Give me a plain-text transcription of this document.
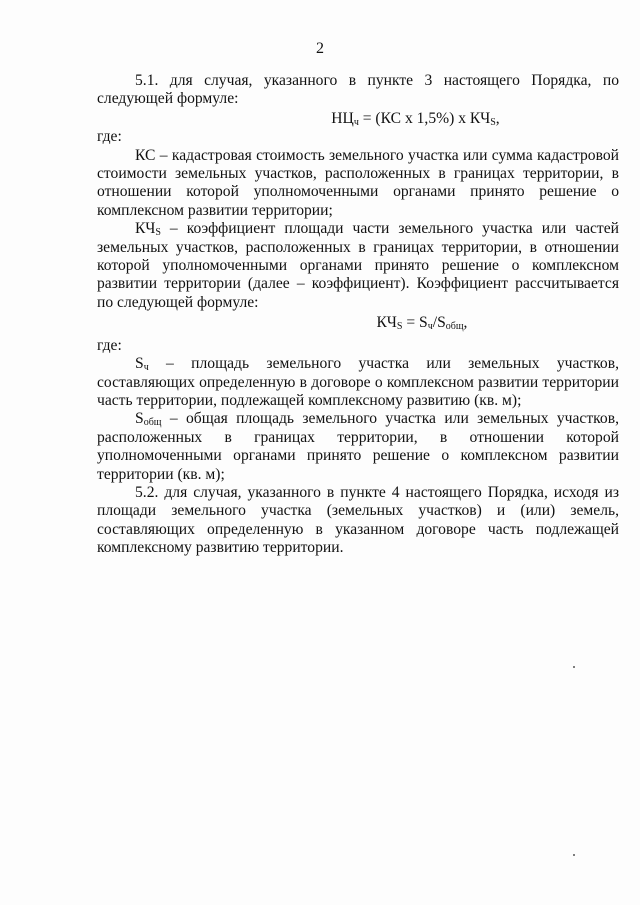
2

5.1. для случая, указанного в пункте 3 настоящего Порядка, по следующей формуле:

$НЦ_ч = (КС$ х 1,5%) х $КЧ_S$,

где:

КС – кадастровая стоимость земельного участка или сумма кадастровой стоимости земельных участков, расположенных в границах территории, в отношении которой уполномоченными органами принято решение о комплексном развитии территории;

$КЧ_S$ – коэффициент площади части земельного участка или частей земельных участков, расположенных в границах территории, в отношении которой уполномоченными органами принято решение о комплексном развитии территории (далее – коэффициент). Коэффициент рассчитывается по следующей формуле:

$КЧ_S = S_ч/S_{общ}$,

где:

$S_ч$ – площадь земельного участка или земельных участков, составляющих определенную в договоре о комплексном развитии территории часть территории, подлежащей комплексному развитию (кв. м);

$S_{общ}$ – общая площадь земельного участка или земельных участков, расположенных в границах территории, в отношении которой уполномоченными органами принято решение о комплексном развитии территории (кв. м);

5.2. для случая, указанного в пункте 4 настоящего Порядка, исходя из площади земельного участка (земельных участков) и (или) земель, составляющих определенную в указанном договоре часть подлежащей комплексному развитию территории.
